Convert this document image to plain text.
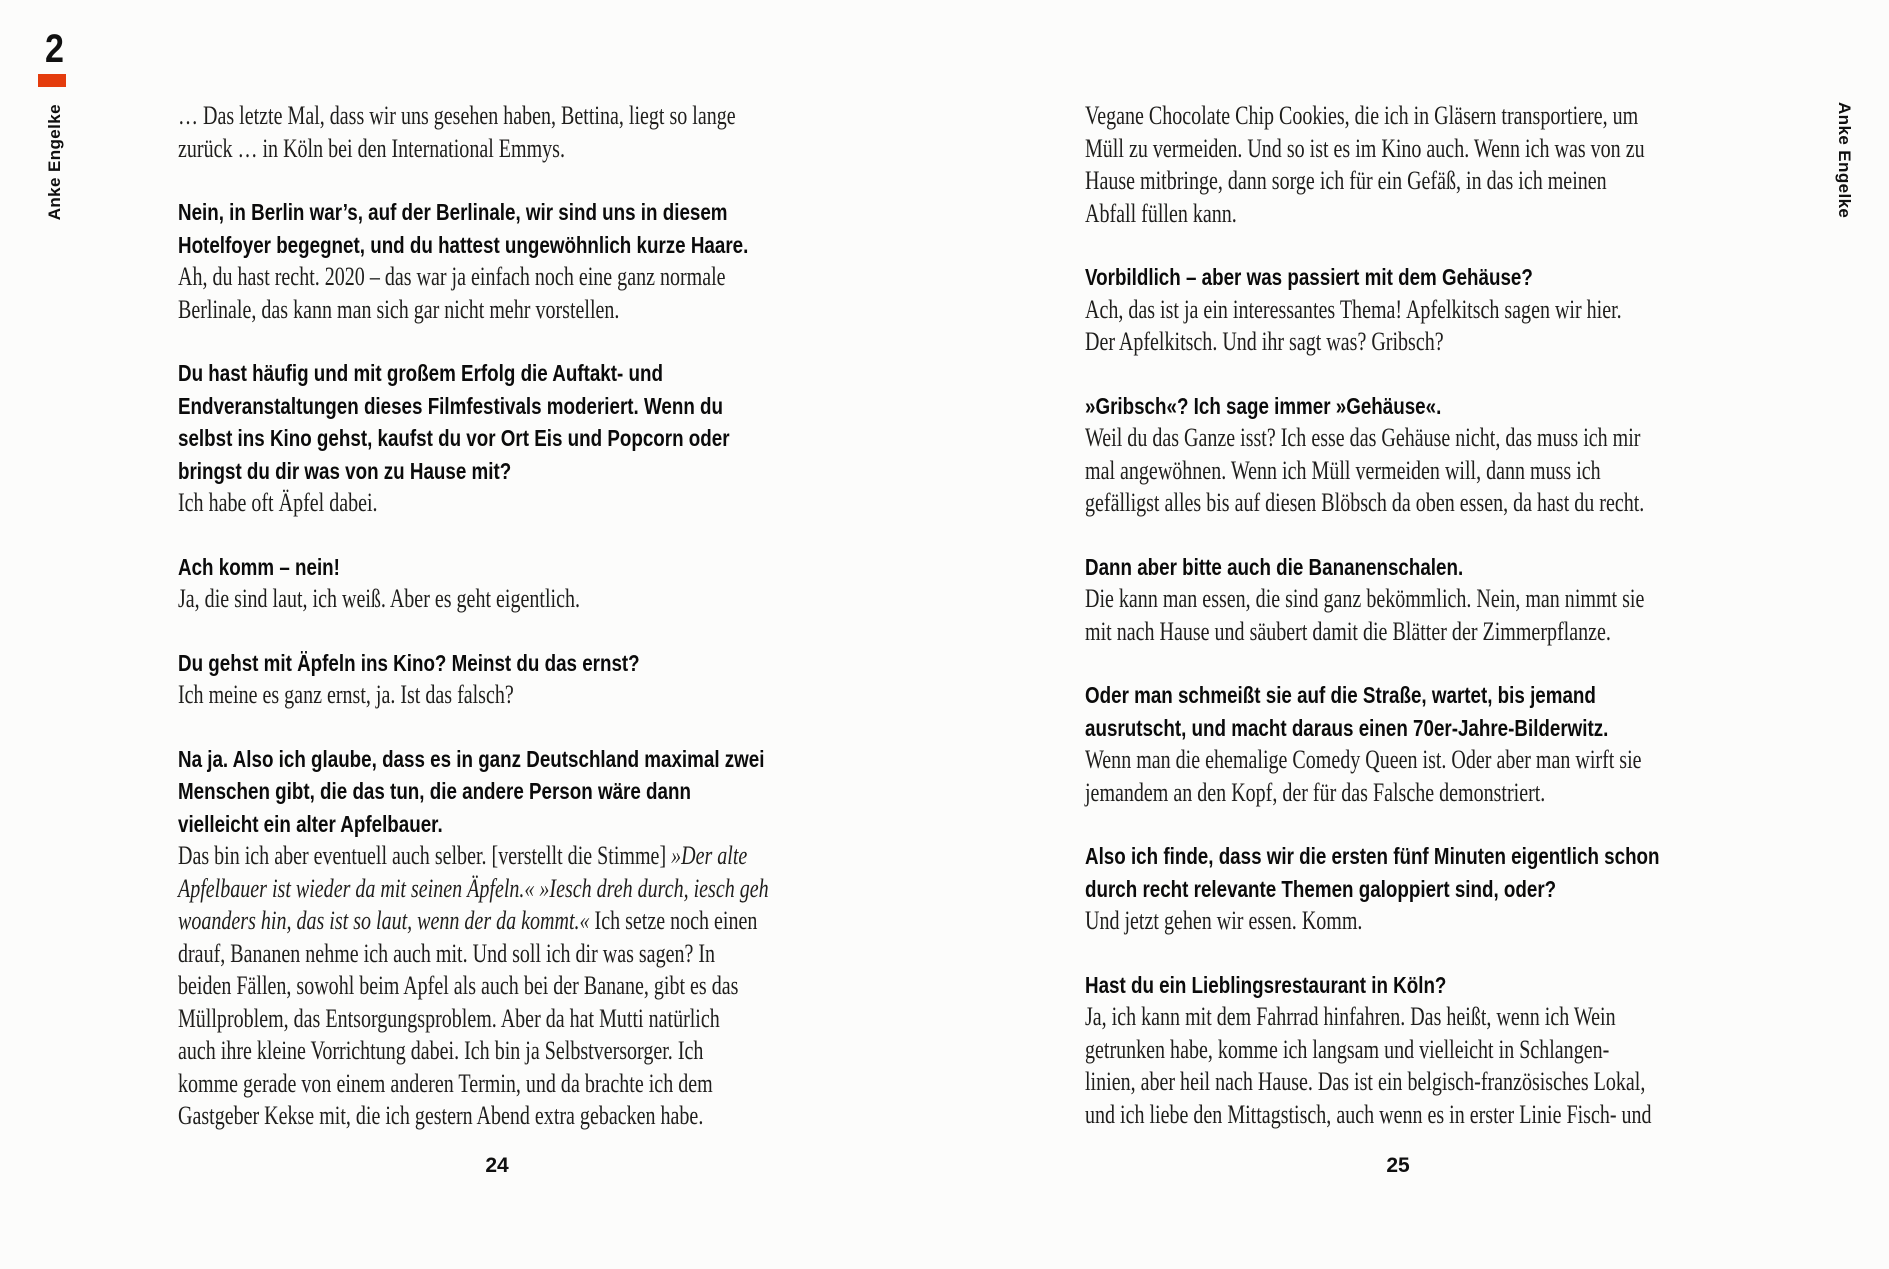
2
Anke Engelke	Anke Engelke
… Das letzte Mal, dass wir uns gesehen haben, Bettina, liegt so lange
zurück … in Köln bei den International Emmys.
Nein, in Berlin war’s, auf der Berlinale, wir sind uns in diesem
Hotelfoyer begegnet, und du hattest ungewöhnlich kurze Haare.
Ah, du hast recht. 2020 – das war ja einfach noch eine ganz normale
Berlinale, das kann man sich gar nicht mehr vorstellen.
Du hast häufig und mit großem Erfolg die Auftakt- und
Endveranstaltungen dieses Filmfestivals moderiert. Wenn du
selbst ins Kino gehst, kaufst du vor Ort Eis und Popcorn oder
bringst du dir was von zu Hause mit?
Ich habe oft Äpfel dabei.
Ach komm – nein!
Ja, die sind laut, ich weiß. Aber es geht eigentlich.
Du gehst mit Äpfeln ins Kino? Meinst du das ernst?
Ich meine es ganz ernst, ja. Ist das falsch?
Na ja. Also ich glaube, dass es in ganz Deutschland maximal zwei
Menschen gibt, die das tun, die andere Person wäre dann
vielleicht ein alter Apfelbauer.
Das bin ich aber eventuell auch selber. [verstellt die Stimme] »Der alte
Apfelbauer ist wieder da mit seinen Äpfeln.« »Iesch dreh durch, iesch geh
woanders hin, das ist so laut, wenn der da kommt.« Ich setze noch einen
drauf, Bananen nehme ich auch mit. Und soll ich dir was sagen? In
beiden Fällen, sowohl beim Apfel als auch bei der Banane, gibt es das
Müllproblem, das Entsorgungsproblem. Aber da hat Mutti natürlich
auch ihre kleine Vorrichtung dabei. Ich bin ja Selbstversorger. Ich
komme gerade von einem anderen Termin, und da brachte ich dem
Gastgeber Kekse mit, die ich gestern Abend extra gebacken habe.
Vegane Chocolate Chip Cookies, die ich in Gläsern transportiere, um
Müll zu vermeiden. Und so ist es im Kino auch. Wenn ich was von zu
Hause mitbringe, dann sorge ich für ein Gefäß, in das ich meinen
Abfall füllen kann.
Vorbildlich – aber was passiert mit dem Gehäuse?
Ach, das ist ja ein interessantes Thema! Apfelkitsch sagen wir hier.
Der Apfelkitsch. Und ihr sagt was? Gribsch?
»Gribsch«? Ich sage immer »Gehäuse«.
Weil du das Ganze isst? Ich esse das Gehäuse nicht, das muss ich mir
mal angewöhnen. Wenn ich Müll vermeiden will, dann muss ich
gefälligst alles bis auf diesen Blöbsch da oben essen, da hast du recht.
Dann aber bitte auch die Bananenschalen.
Die kann man essen, die sind ganz bekömmlich. Nein, man nimmt sie
mit nach Hause und säubert damit die Blätter der Zimmerpflanze.
Oder man schmeißt sie auf die Straße, wartet, bis jemand
ausrutscht, und macht daraus einen 70er-Jahre-Bilderwitz.
Wenn man die ehemalige Comedy Queen ist. Oder aber man wirft sie
jemandem an den Kopf, der für das Falsche demonstriert.
Also ich finde, dass wir die ersten fünf Minuten eigentlich schon
durch recht relevante Themen galoppiert sind, oder?
Und jetzt gehen wir essen. Komm.
Hast du ein Lieblingsrestaurant in Köln?
Ja, ich kann mit dem Fahrrad hinfahren. Das heißt, wenn ich Wein
getrunken habe, komme ich langsam und vielleicht in Schlangen-
linien, aber heil nach Hause. Das ist ein belgisch-französisches Lokal,
und ich liebe den Mittagstisch, auch wenn es in erster Linie Fisch- und
24	25
